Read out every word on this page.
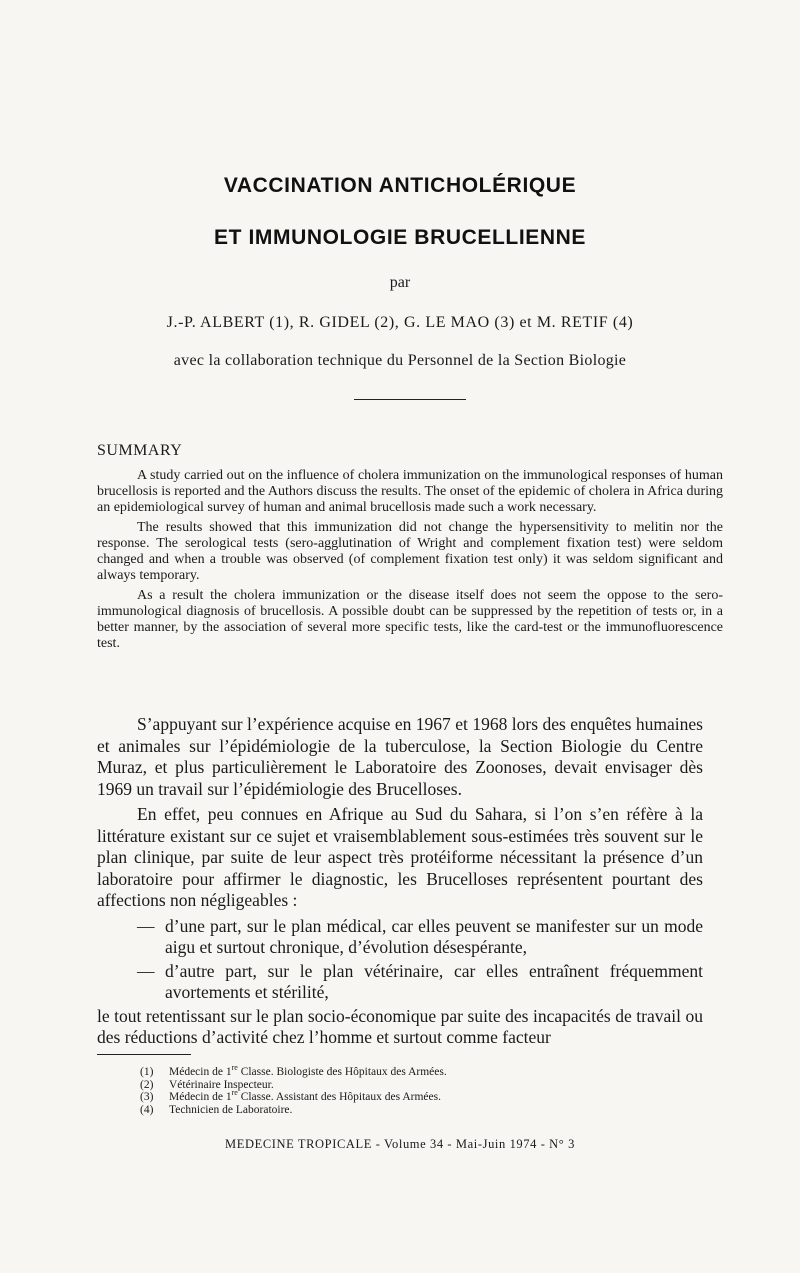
VACCINATION ANTICHOLÉRIQUE
ET IMMUNOLOGIE BRUCELLIENNE
par
J.-P. ALBERT (1), R. GIDEL (2), G. LE MAO (3) et M. RETIF (4)
avec la collaboration technique du Personnel de la Section Biologie
SUMMARY

A study carried out on the influence of cholera immunization on the immunological responses of human brucellosis is reported and the Authors discuss the results. The onset of the epidemic of cholera in Africa during an epidemiological survey of human and animal brucellosis made such a work necessary.

The results showed that this immunization did not change the hypersensitivity to melitin nor the response. The serological tests (sero-agglutination of Wright and complement fixation test) were seldom changed and when a trouble was observed (of complement fixation test only) it was seldom significant and always temporary.

As a result the cholera immunization or the disease itself does not seem the oppose to the sero-immunological diagnosis of brucellosis. A possible doubt can be suppressed by the repetition of tests or, in a better manner, by the association of several more specific tests, like the card-test or the immunofluorescence test.

S’appuyant sur l’expérience acquise en 1967 et 1968 lors des enquêtes humaines et animales sur l’épidémiologie de la tuberculose, la Section Biologie du Centre Muraz, et plus particulièrement le Laboratoire des Zoonoses, devait envisager dès 1969 un travail sur l’épidémiologie des Brucelloses.

En effet, peu connues en Afrique au Sud du Sahara, si l’on s’en réfère à la littérature existant sur ce sujet et vraisemblablement sous-estimées très souvent sur le plan clinique, par suite de leur aspect très protéiforme nécessitant la présence d’un laboratoire pour affirmer le diagnostic, les Brucelloses représentent pourtant des affections non négligeables :

— d’une part, sur le plan médical, car elles peuvent se manifester sur un mode aigu et surtout chronique, d’évolution désespérante,
— d’autre part, sur le plan vétérinaire, car elles entraînent fréquemment avortements et stérilité,

le tout retentissant sur le plan socio-économique par suite des incapacités de travail ou des réductions d’activité chez l’homme et surtout comme facteur

(1) Médecin de 1re Classe. Biologiste des Hôpitaux des Armées.
(2) Vétérinaire Inspecteur.
(3) Médecin de 1re Classe. Assistant des Hôpitaux des Armées.
(4) Technicien de Laboratoire.
MEDECINE TROPICALE - Volume 34 - Mai-Juin 1974 - N° 3
